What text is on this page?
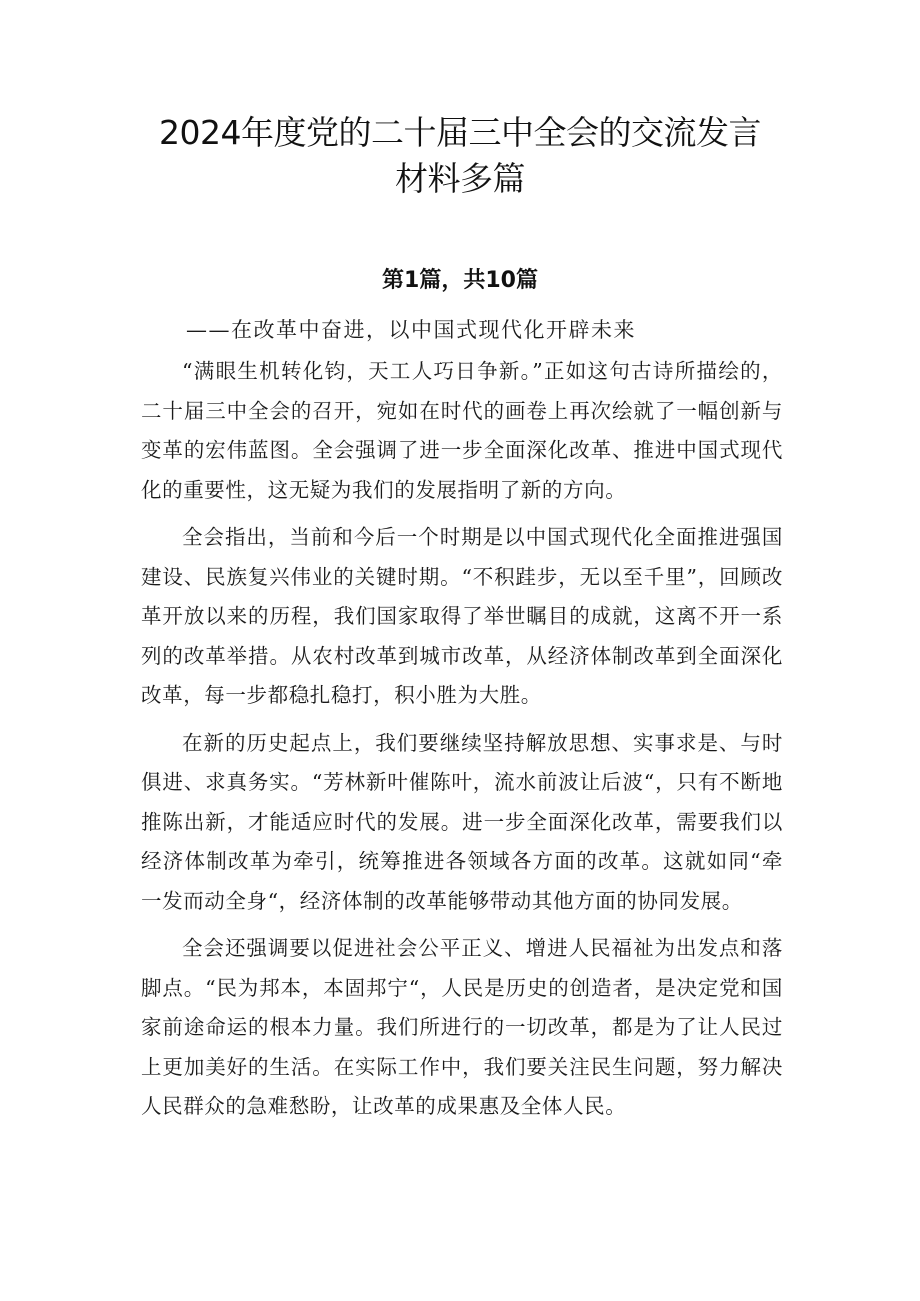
2024年度党的二十届三中全会的交流发言
材料多篇
第1篇，共10篇

——在改革中奋进，以中国式现代化开辟未来

“满眼生机转化钧，天工人巧日争新。”正如这句古诗所描绘的，二十届三中全会的召开，宛如在时代的画卷上再次绘就了一幅创新与变革的宏伟蓝图。全会强调了进一步全面深化改革、推进中国式现代化的重要性，这无疑为我们的发展指明了新的方向。

全会指出，当前和今后一个时期是以中国式现代化全面推进强国建设、民族复兴伟业的关键时期。“不积跬步，无以至千里”，回顾改革开放以来的历程，我们国家取得了举世瞩目的成就，这离不开一系列的改革举措。从农村改革到城市改革，从经济体制改革到全面深化改革，每一步都稳扎稳打，积小胜为大胜。

在新的历史起点上，我们要继续坚持解放思想、实事求是、与时俱进、求真务实。“芳林新叶催陈叶，流水前波让后波“，只有不断地推陈出新，才能适应时代的发展。进一步全面深化改革，需要我们以经济体制改革为牵引，统筹推进各领域各方面的改革。这就如同“牵一发而动全身“，经济体制的改革能够带动其他方面的协同发展。

全会还强调要以促进社会公平正义、增进人民福祉为出发点和落脚点。“民为邦本，本固邦宁“，人民是历史的创造者，是决定党和国家前途命运的根本力量。我们所进行的一切改革，都是为了让人民过上更加美好的生活。在实际工作中，我们要关注民生问题，努力解决人民群众的急难愁盼，让改革的成果惠及全体人民。
